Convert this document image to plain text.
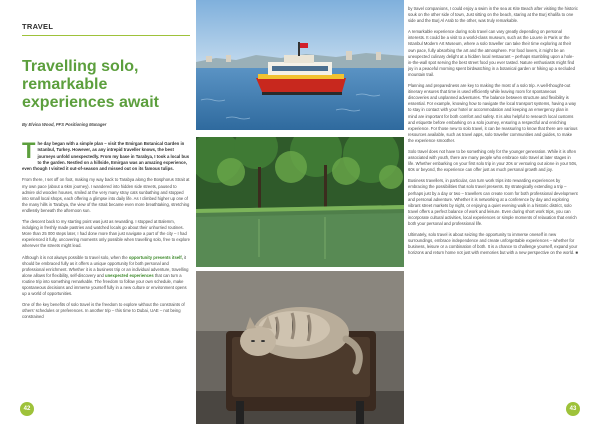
TRAVEL
Travelling solo,
remarkable
experiences await
By Elvina Wood, PFS Positioning Manager
T he day began with a simple plan – visit the Emirgan Botanical Garden in Istanbul, Turkey. However, as any intrepid traveller knows, the best journeys unfold unexpectedly. From my base in Tarabya, I took a local bus to the garden. Nestled on a hillside, Emirgan was an amazing experience, even though I visited it out-of-season and missed out on its famous tulips.

From there, I set off on foot, making my way back to Tarabya along the Bosphorus Strait at my own pace (about a 6km journey). I wandered into hidden side streets, paused to admire old wooden houses, smiled at the very many stray cats sunbathing and stopped into small local shops, each offering a glimpse into daily life. As I climbed higher up one of the many hills in Tarabya, the view of the strait became even more breathtaking, stretching endlessly beneath the afternoon sun.

The descent back to my starting point was just as rewarding. I stopped at Balemm, indulging in freshly made pastries and watched locals go about their unhurried routines. More than 25 000 steps later, I had done more than just navigate a part of the city – I had experienced it fully, uncovering moments only possible when travelling solo, free to explore wherever the streets might lead.

Although it is not always possible to travel solo, when the opportunity presents itself, it should be embraced fully as it offers a unique opportunity for both personal and professional enrichment. Whether it is a business trip or an individual adventure, travelling alone allows for flexibility, self-discovery and unexpected experiences that can turn a routine trip into something remarkable. The freedom to follow your own schedule, make spontaneous decisions and immerse yourself fully in a new culture or environment opens up a world of opportunities.

One of the key benefits of solo travel is the freedom to explore without the constraints of others’ schedules or preferences. In another trip – this time to Dubai, UAE – not being constrained

42

by travel companions, I could enjoy a swim in the sea at Kite Beach after visiting the historic souk on the other side of town, Just sitting on the beach, staring at the Burj Khalifa to one side and the Burj Al Arab to the other, was truly remarkable.

A remarkable experience during solo travel can vary greatly depending on personal interests. It could be a visit to a world-class museum, such as the Louvre in Paris or the Istanbul Modern Art Museum, where a solo traveller can take their time exploring at their own pace, fully absorbing the art and the atmosphere. For food lovers, it might be an unexpected culinary delight at a hidden local restaurant – perhaps stumbling upon a hole-in-the-wall spot serving the best street food you ever tasted. Nature enthusiasts might find joy in a peaceful morning spent birdwatching in a botanical garden or hiking up a secluded mountain trail.

Planning and preparedness are key to making the most of a solo trip. A well-thought-out itinerary ensures that time is used efficiently while leaving room for spontaneous discoveries and unplanned adventures. The balance between structure and flexibility is essential. For example, knowing how to navigate the local transport systems, having a way to stay in contact with your hotel or accommodation and keeping an emergency plan in mind are important for both comfort and safety. It is also helpful to research local customs and etiquette before embarking on a solo journey, ensuring a respectful and enriching experience. For those new to solo travel, it can be reassuring to know that there are various resources available, such as travel apps, solo traveller communities and guides, to make the experience smoother.

Solo travel does not have to be something only for the younger generation. While it is often associated with youth, there are many people who embrace solo travel at later stages in life. Whether embarking on your first solo trip in your 20s or venturing out alone in your 50s, 60s or beyond, the experience can offer just as much personal growth and joy.

Business travellers, in particular, can turn work trips into rewarding experiences by embracing the possibilities that solo travel presents. By strategically extending a trip – perhaps just by a day or two – travellers can create room for both professional development and personal adventure. Whether it is networking at a conference by day and exploring vibrant street markets by night, or enjoying a quiet evening walk in a historic district, solo travel offers a perfect balance of work and leisure. Even during short work trips, you can incorporate cultural activities, local experiences or simple moments of relaxation that enrich both your personal and professional life.

Ultimately, solo travel is about seizing the opportunity to immerse oneself in new surroundings, embrace independence and create unforgettable experiences – whether for business, leisure or a combination of both. It is a chance to challenge yourself, expand your horizons and return home not just with memories but with a new perspective on the world. ■

43
